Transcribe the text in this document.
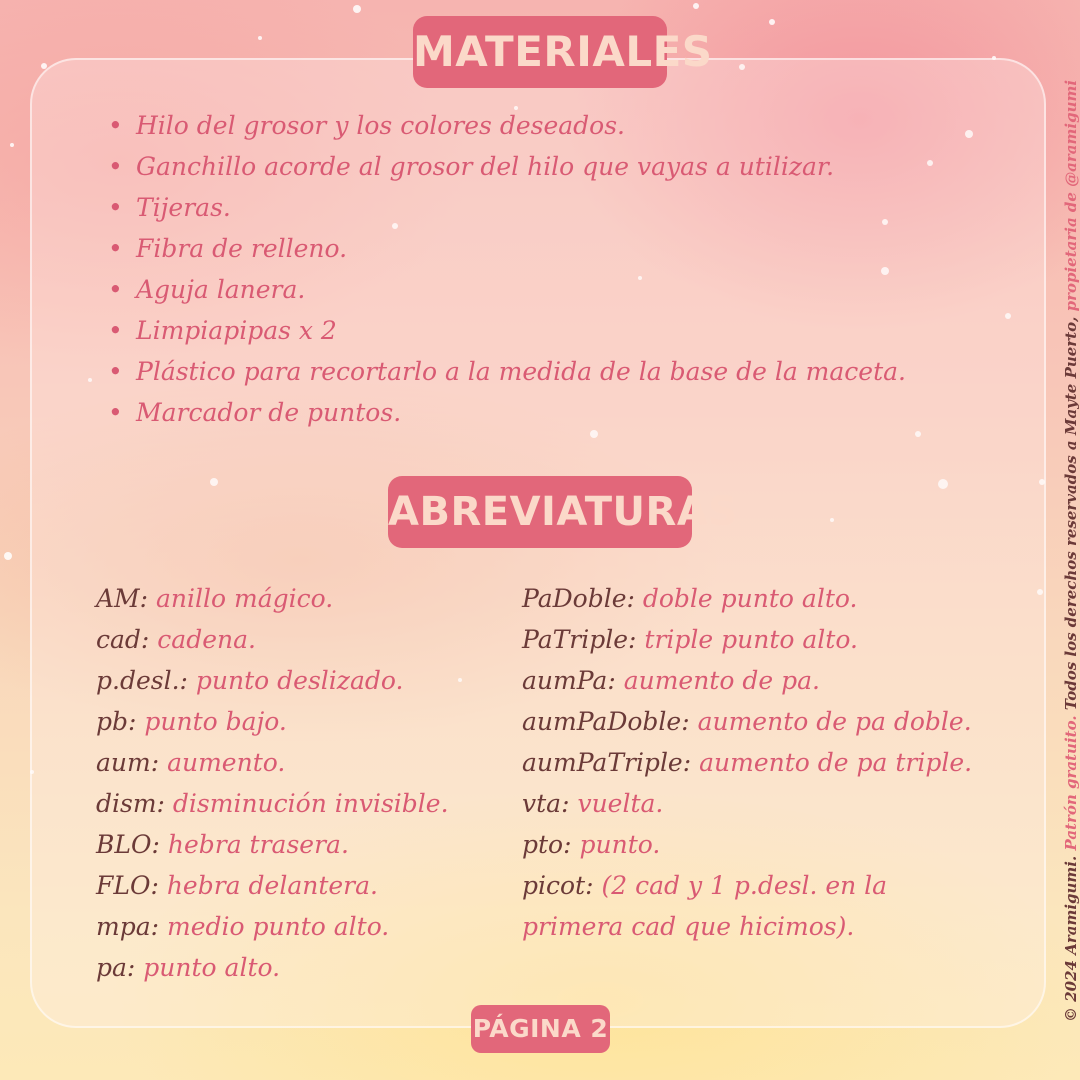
MATERIALES
• Hilo del grosor y los colores deseados.
• Ganchillo acorde al grosor del hilo que vayas a utilizar.
• Tijeras.
• Fibra de relleno.
• Aguja lanera.
• Limpiapipas x 2
• Plástico para recortarlo a la medida de la base de la maceta.
• Marcador de puntos.
ABREVIATURAS
AM: anillo mágico.
cad: cadena.
p.desl.: punto deslizado.
pb: punto bajo.
aum: aumento.
dism: disminución invisible.
BLO: hebra trasera.
FLO: hebra delantera.
mpa: medio punto alto.
pa: punto alto.
PaDoble: doble punto alto.
PaTriple: triple punto alto.
aumPa: aumento de pa.
aumPaDoble: aumento de pa doble.
aumPaTriple: aumento de pa triple.
vta: vuelta.
pto: punto.
picot: (2 cad y 1 p.desl. en la
primera cad que hicimos).
PÁGINA 2
© 2024 Aramigumi. Patrón gratuito. Todos los derechos reservados a Mayte Puerto, propietaria de @aramigumi
